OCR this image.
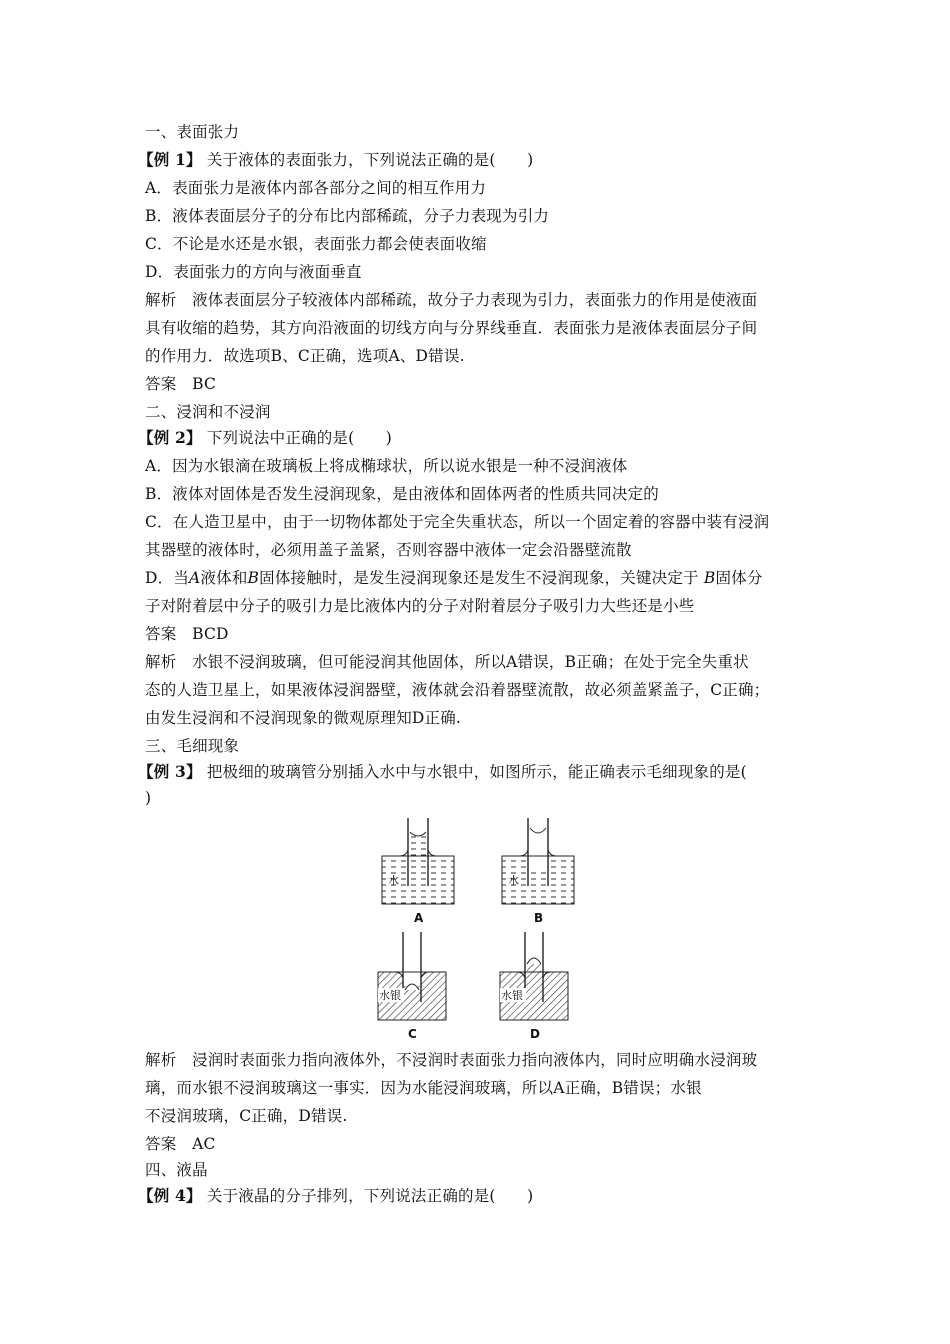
一、表面张力
【例 1】 关于液体的表面张力，下列说法正确的是(　　)
A．表面张力是液体内部各部分之间的相互作用力
B．液体表面层分子的分布比内部稀疏，分子力表现为引力
C．不论是水还是水银，表面张力都会使表面收缩
D．表面张力的方向与液面垂直
解析　液体表面层分子较液体内部稀疏，故分子力表现为引力，表面张力的作用是使液面
具有收缩的趋势，其方向沿液面的切线方向与分界线垂直．表面张力是液体表面层分子间
的作用力．故选项B、C正确，选项A、D错误.
答案　BC
二、浸润和不浸润
【例 2】 下列说法中正确的是(　　)
A．因为水银滴在玻璃板上将成椭球状，所以说水银是一种不浸润液体
B．液体对固体是否发生浸润现象，是由液体和固体两者的性质共同决定的
C．在人造卫星中，由于一切物体都处于完全失重状态，所以一个固定着的容器中装有浸润
其器壁的液体时，必须用盖子盖紧，否则容器中液体一定会沿器壁流散
D．当A液体和B固体接触时，是发生浸润现象还是发生不浸润现象，关键决定于 B固体分
子对附着层中分子的吸引力是比液体内的分子对附着层分子吸引力大些还是小些
答案　BCD
解析　水银不浸润玻璃，但可能浸润其他固体，所以A错误，B正确；在处于完全失重状
态的人造卫星上，如果液体浸润器壁，液体就会沿着器壁流散，故必须盖紧盖子，C正确；
由发生浸润和不浸润现象的微观原理知D正确.
三、毛细现象
【例 3】 把极细的玻璃管分别插入水中与水银中，如图所示，能正确表示毛细现象的是(
)
水
A
水
B
水银
C
水银
D
解析　浸润时表面张力指向液体外，不浸润时表面张力指向液体内，同时应明确水浸润玻
璃，而水银不浸润玻璃这一事实．因为水能浸润玻璃，所以A正确，B错误；水银
不浸润玻璃，C正确，D错误.
答案　AC
四、液晶
【例 4】 关于液晶的分子排列，下列说法正确的是(　　)
